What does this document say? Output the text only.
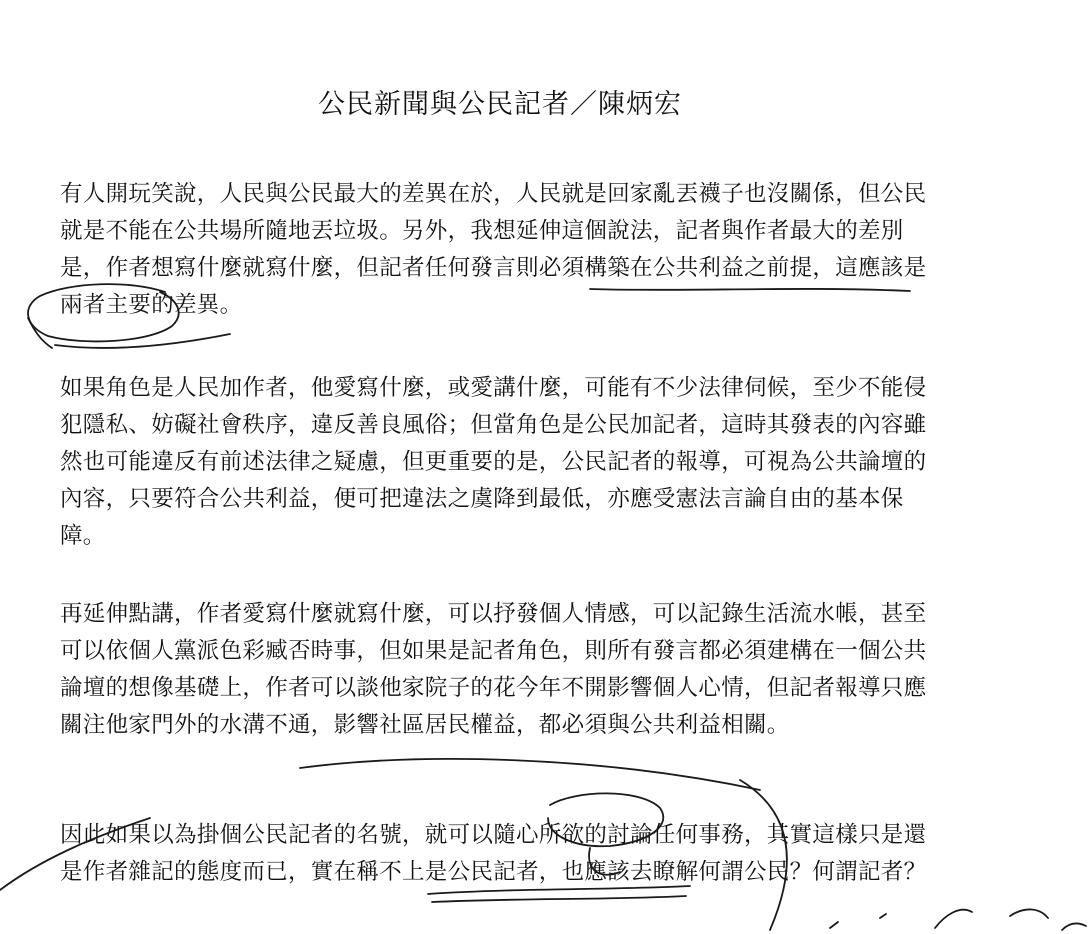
公民新聞與公民記者／陳炳宏

有人開玩笑說，人民與公民最大的差異在於，人民就是回家亂丟襪子也沒關係，但公民就是不能在公共場所隨地丟垃圾。另外，我想延伸這個說法，記者與作者最大的差別是，作者想寫什麼就寫什麼，但記者任何發言則必須構築在公共利益之前提，這應該是兩者主要的差異。

如果角色是人民加作者，他愛寫什麼，或愛講什麼，可能有不少法律伺候，至少不能侵犯隱私、妨礙社會秩序，違反善良風俗；但當角色是公民加記者，這時其發表的內容雖然也可能違反有前述法律之疑慮，但更重要的是，公民記者的報導，可視為公共論壇的內容，只要符合公共利益，便可把違法之虞降到最低，亦應受憲法言論自由的基本保障。

再延伸點講，作者愛寫什麼就寫什麼，可以抒發個人情感，可以記錄生活流水帳，甚至可以依個人黨派色彩臧否時事，但如果是記者角色，則所有發言都必須建構在一個公共論壇的想像基礎上，作者可以談他家院子的花今年不開影響個人心情，但記者報導只應關注他家門外的水溝不通，影響社區居民權益，都必須與公共利益相關。

因此如果以為掛個公民記者的名號，就可以隨心所欲的討論任何事務，其實這樣只是還是作者雜記的態度而已，實在稱不上是公民記者，也應該去瞭解何謂公民？何謂記者？
